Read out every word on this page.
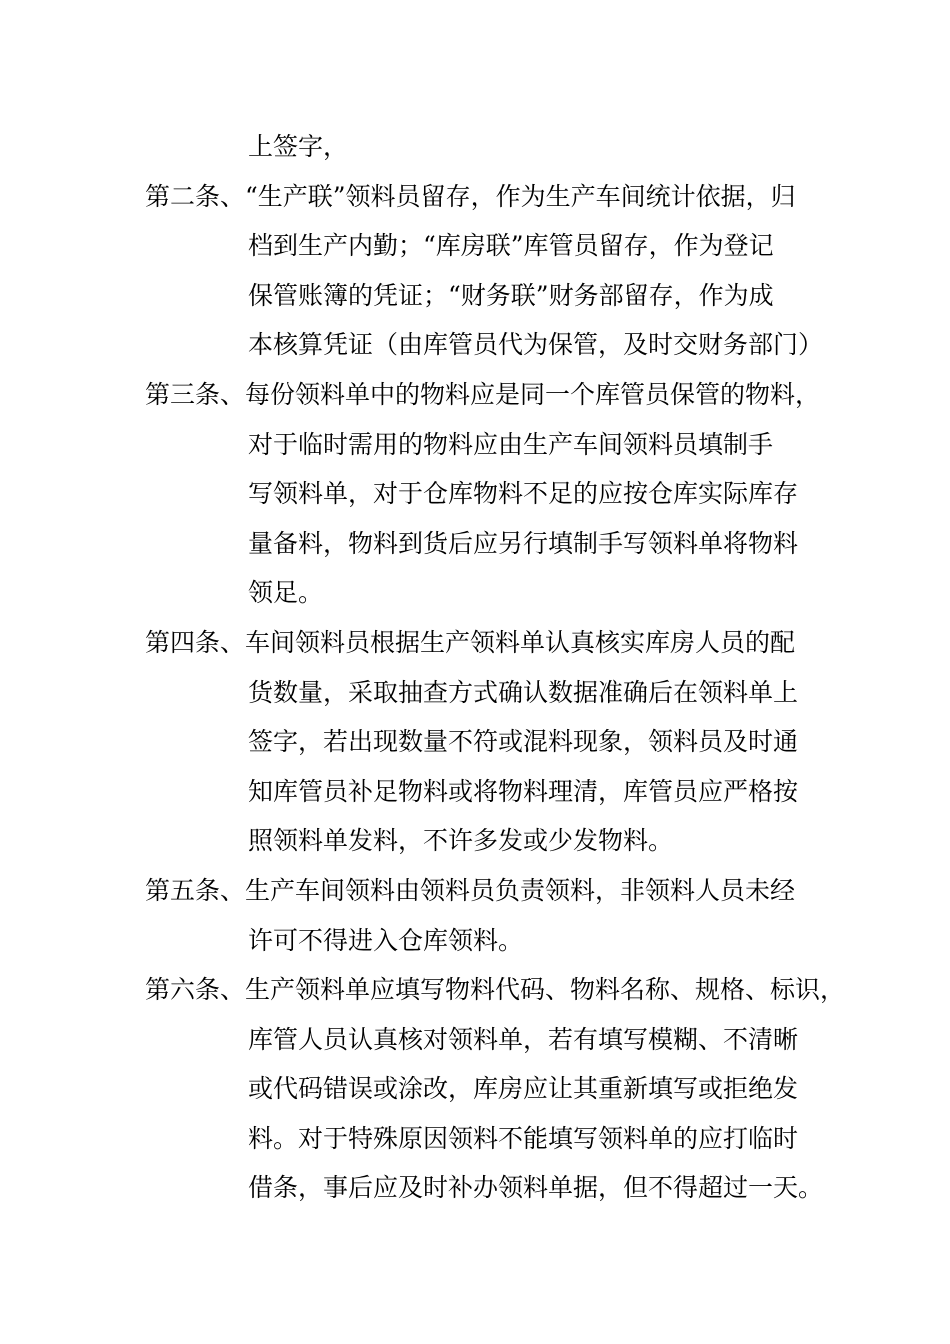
上签字，
第二条、“生产联”领料员留存，作为生产车间统计依据，归
档到生产内勤；“库房联”库管员留存，作为登记
保管账簿的凭证；“财务联”财务部留存，作为成
本核算凭证（由库管员代为保管，及时交财务部门）
第三条、每份领料单中的物料应是同一个库管员保管的物料，
对于临时需用的物料应由生产车间领料员填制手
写领料单，对于仓库物料不足的应按仓库实际库存
量备料，物料到货后应另行填制手写领料单将物料
领足。
第四条、车间领料员根据生产领料单认真核实库房人员的配
货数量，采取抽查方式确认数据准确后在领料单上
签字，若出现数量不符或混料现象，领料员及时通
知库管员补足物料或将物料理清，库管员应严格按
照领料单发料，不许多发或少发物料。
第五条、生产车间领料由领料员负责领料，非领料人员未经
许可不得进入仓库领料。
第六条、生产领料单应填写物料代码、物料名称、规格、标识，
库管人员认真核对领料单，若有填写模糊、不清晰
或代码错误或涂改，库房应让其重新填写或拒绝发
料。对于特殊原因领料不能填写领料单的应打临时
借条，事后应及时补办领料单据，但不得超过一天。
